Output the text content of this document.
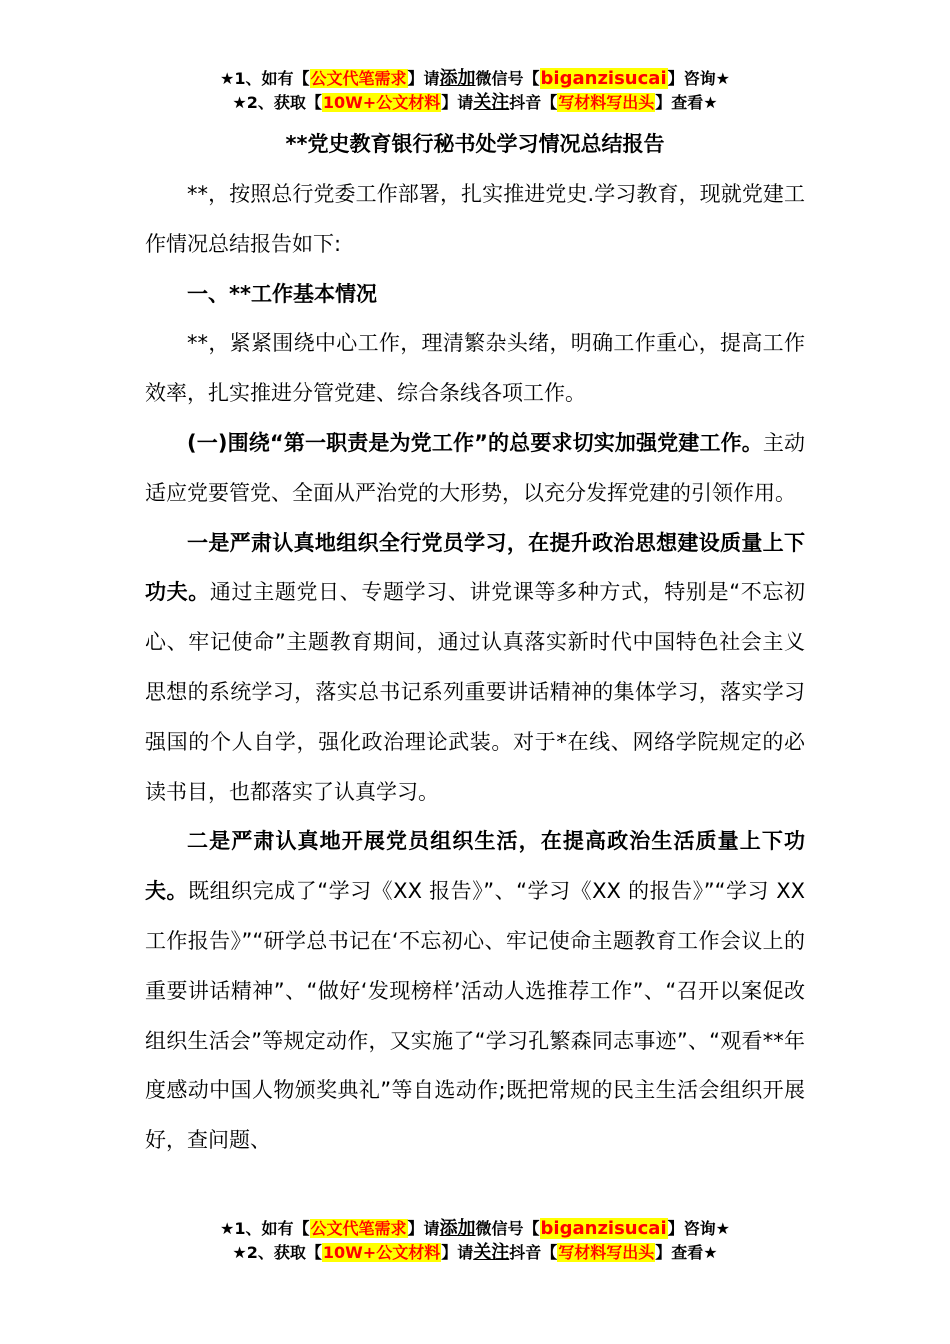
★1、如有【公文代笔需求】请添加微信号【biganzisucai】咨询★
★2、获取【10W+公文材料】请关注抖音【写材料写出头】查看★
**党史教育银行秘书处学习情况总结报告

**，按照总行党委工作部署，扎实推进党史.学习教育，现就党建工作情况总结报告如下:

一、**工作基本情况

**，紧紧围绕中心工作，理清繁杂头绪，明确工作重心，提高工作效率，扎实推进分管党建、综合条线各项工作。

(一)围绕“第一职责是为党工作”的总要求切实加强党建工作。主动适应党要管党、全面从严治党的大形势，以充分发挥党建的引领作用。

一是严肃认真地组织全行党员学习，在提升政治思想建设质量上下功夫。通过主题党日、专题学习、讲党课等多种方式，特别是“不忘初心、牢记使命”主题教育期间，通过认真落实新时代中国特色社会主义思想的系统学习，落实总书记系列重要讲话精神的集体学习，落实学习强国的个人自学，强化政治理论武装。对于*在线、网络学院规定的必读书目，也都落实了认真学习。

二是严肃认真地开展党员组织生活，在提高政治生活质量上下功夫。既组织完成了“学习《XX 报告》”、“学习《XX 的报告》”“学习 XX 工作报告》”“研学总书记在‘不忘初心、牢记使命主题教育工作会议上的重要讲话精神”、“做好‘发现榜样’活动人选推荐工作”、“召开以案促改组织生活会”等规定动作，又实施了“学习孔繁森同志事迹”、“观看**年度感动中国人物颁奖典礼”等自选动作;既把常规的民主生活会组织开展好，查问题、

★1、如有【公文代笔需求】请添加微信号【biganzisucai】咨询★
★2、获取【10W+公文材料】请关注抖音【写材料写出头】查看★
